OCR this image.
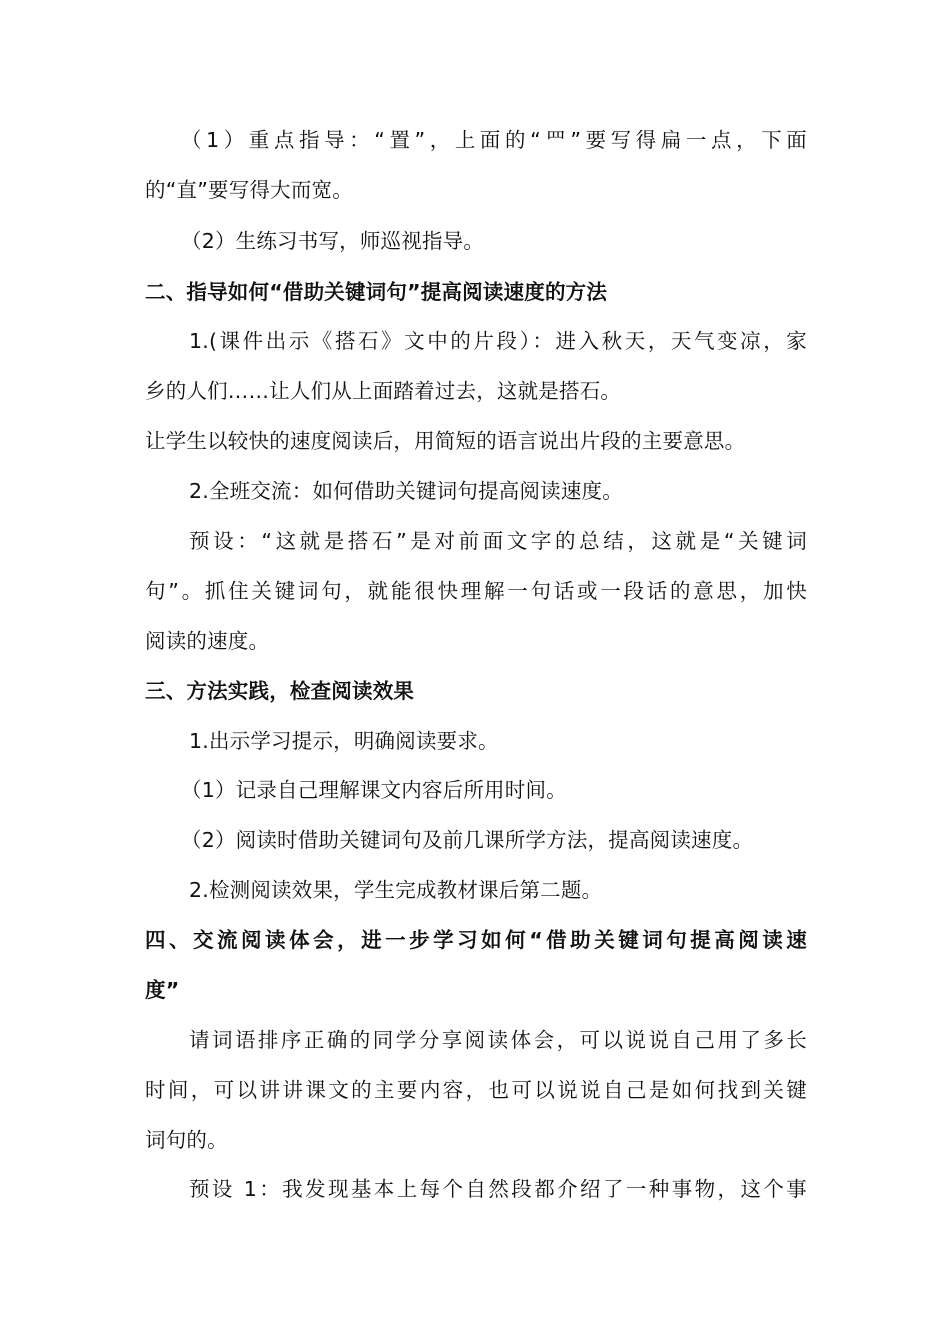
（1）重点指导：“置”，上面的“罒”要写得扁一点，下面
的“直”要写得大而宽。
（2）生练习书写，师巡视指导。
二、指导如何“借助关键词句”提高阅读速度的方法
1.(课件出示《搭石》文中的片段）：进入秋天，天气变凉，家
乡的人们……让人们从上面踏着过去，这就是搭石。
让学生以较快的速度阅读后，用简短的语言说出片段的主要意思。
2.全班交流：如何借助关键词句提高阅读速度。
预设：“这就是搭石”是对前面文字的总结，这就是“关键词
句”。抓住关键词句，就能很快理解一句话或一段话的意思，加快
阅读的速度。
三、方法实践，检查阅读效果
1.出示学习提示，明确阅读要求。
（1）记录自己理解课文内容后所用时间。
（2）阅读时借助关键词句及前几课所学方法，提高阅读速度。
2.检测阅读效果，学生完成教材课后第二题。
四、交流阅读体会，进一步学习如何“借助关键词句提高阅读速
度”
请词语排序正确的同学分享阅读体会，可以说说自己用了多长
时间，可以讲讲课文的主要内容，也可以说说自己是如何找到关键
词句的。
预设 1：我发现基本上每个自然段都介绍了一种事物，这个事
